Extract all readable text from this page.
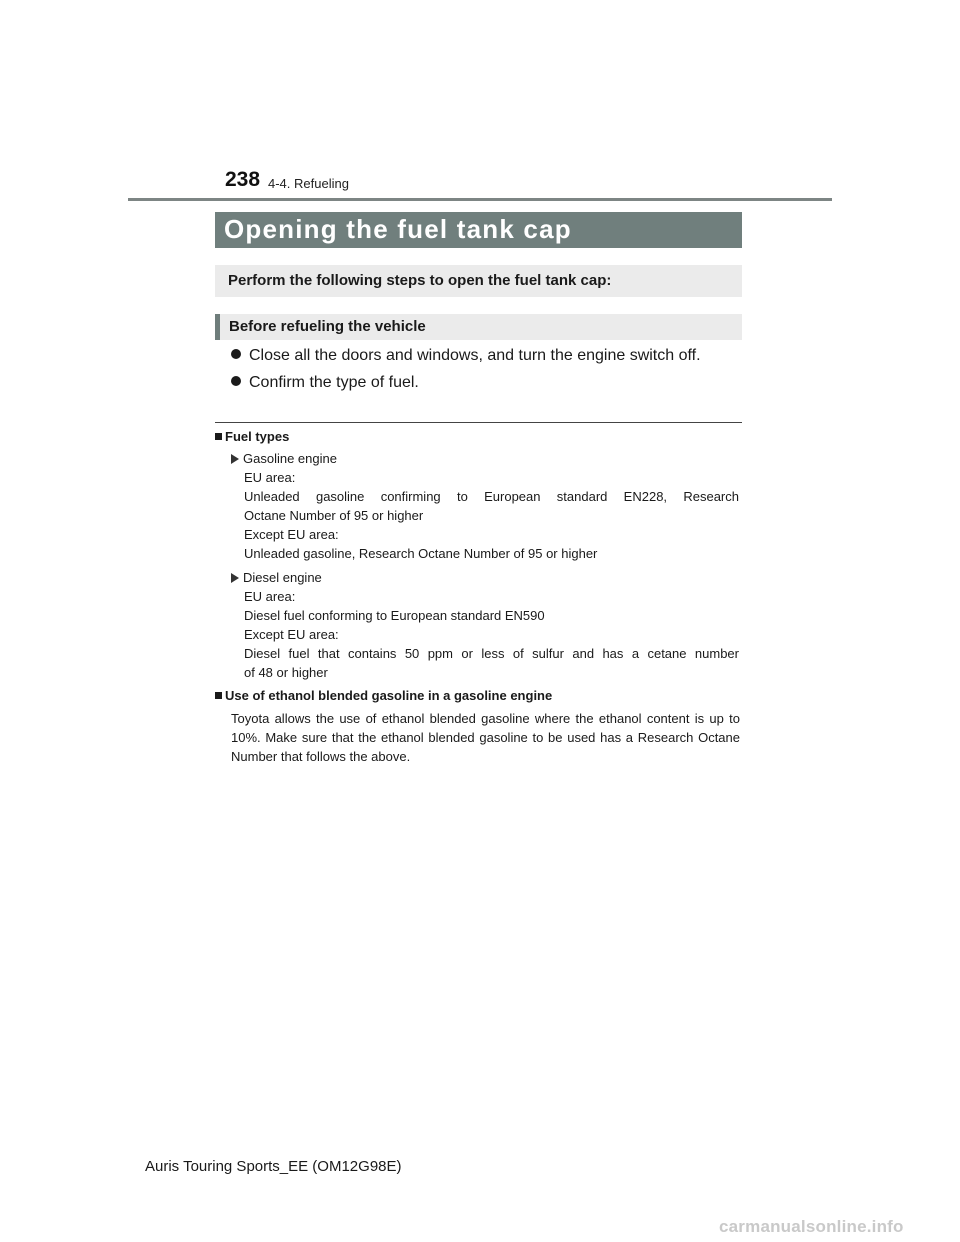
238 4-4. Refueling
Opening the fuel tank cap
Perform the following steps to open the fuel tank cap:
Before refueling the vehicle
Close all the doors and windows, and turn the engine switch off.
Confirm the type of fuel.
Fuel types
Gasoline engine
EU area:
Unleaded gasoline confirming to European standard EN228, Research
Octane Number of 95 or higher
Except EU area:
Unleaded gasoline, Research Octane Number of 95 or higher
Diesel engine
EU area:
Diesel fuel conforming to European standard EN590
Except EU area:
Diesel fuel that contains 50 ppm or less of sulfur and has a cetane number
of 48 or higher
Use of ethanol blended gasoline in a gasoline engine
Toyota allows the use of ethanol blended gasoline where the ethanol content is up to 10%. Make sure that the ethanol blended gasoline to be used has a Research Octane Number that follows the above.
Auris Touring Sports_EE (OM12G98E)
carmanualsonline.info
